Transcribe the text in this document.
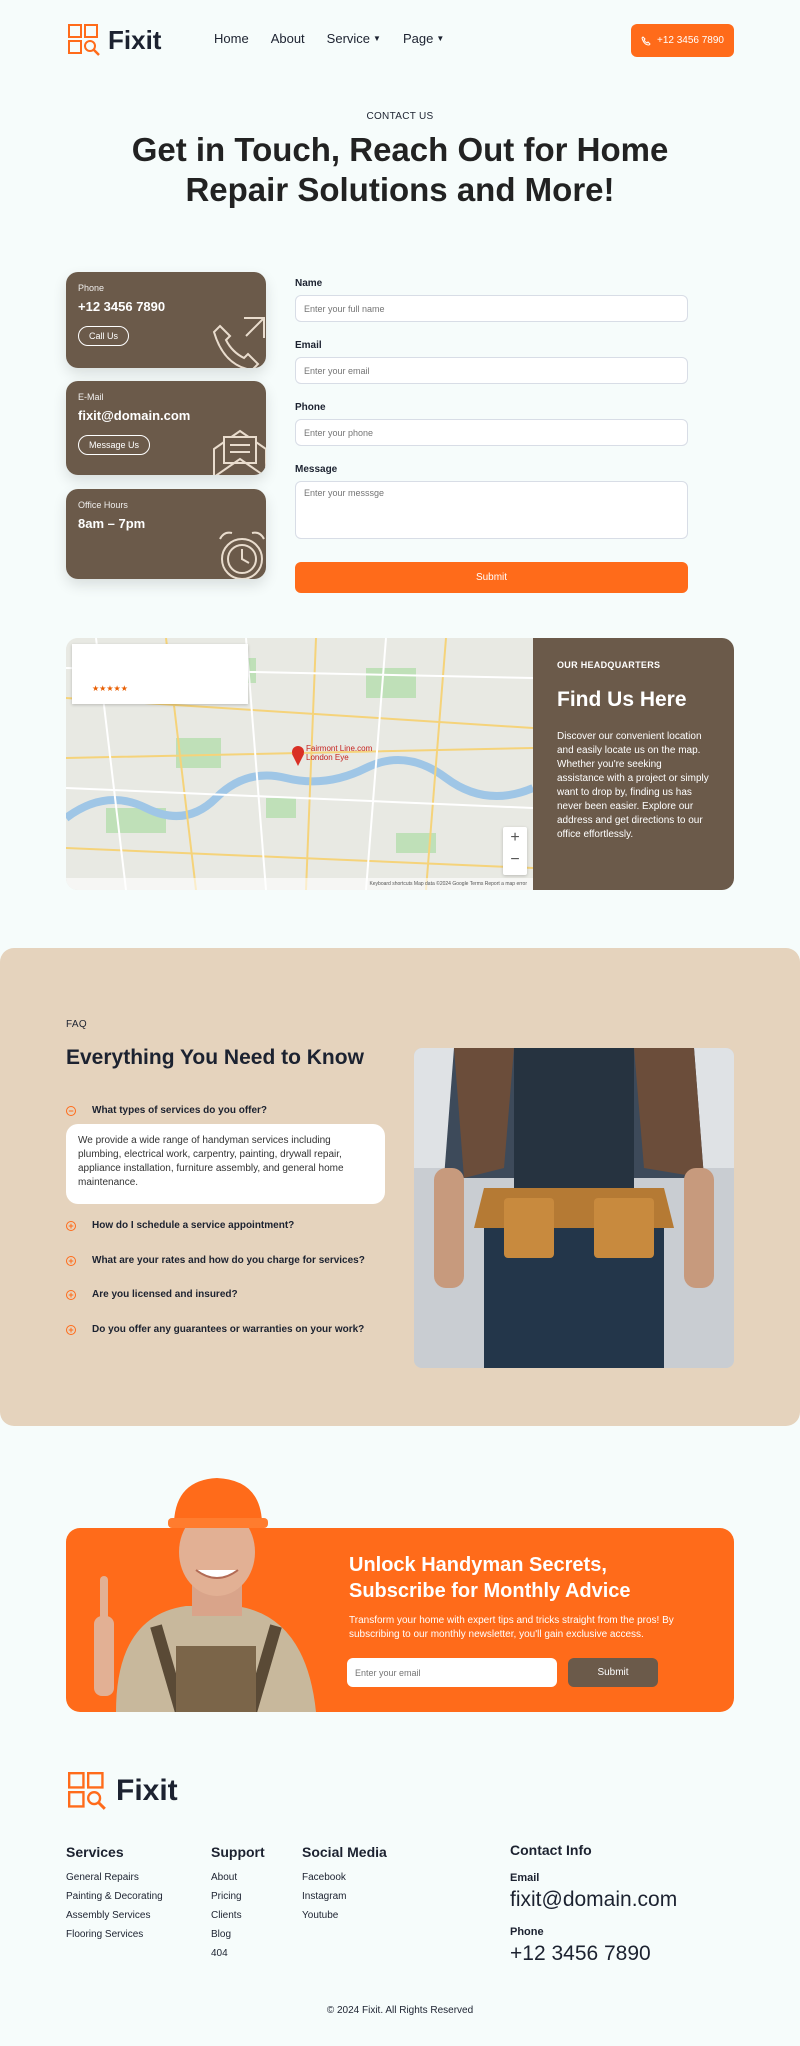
Fixit	Home About Service ▼ Page ▼	+12 3456 7890
CONTACT US
Get in Touch, Reach Out for Home Repair Solutions and More!
Phone
+12 3456 7890
Call Us
E-Mail
fixit@domain.com
Message Us
Office Hours
8am – 7pm
Name
Enter your full name
Email
Enter your email
Phone
Enter your phone
Message
Enter your messsge Submit
★★★★★
Fairmont Line.com London Eye
+
−
Keyboard shortcuts Map data ©2024 Google Terms Report a map error
OUR HEADQUARTERS
Find Us Here

Discover our convenient location and easily locate us on the map. Whether you're seeking assistance with a project or simply want to drop by, finding us has never been easier. Explore our address and get directions to our office effortlessly.

FAQ
Everything You Need to Know
− What types of services do you offer?
We provide a wide range of handyman services including plumbing, electrical work, carpentry, painting, drywall repair, appliance installation, furniture assembly, and general home maintenance.
+ How do I schedule a service appointment?
+ What are your rates and how do you charge for services?
+ Are you licensed and insured?
+ Do you offer any guarantees or warranties on your work?
Unlock Handyman Secrets, Subscribe for Monthly Advice

Transform your home with expert tips and tricks straight from the pros! By subscribing to our monthly newsletter, you'll gain exclusive access.

Enter your email
Submit
Fixit
Services
General Repairs
Painting & Decorating
Assembly Services
Flooring Services
Support
About
Pricing
Clients
Blog
404
Social Media
Facebook
Instagram
Youtube
Contact Info
Email
fixit@domain.com
Phone
+12 3456 7890
© 2024 Fixit. All Rights Reserved
